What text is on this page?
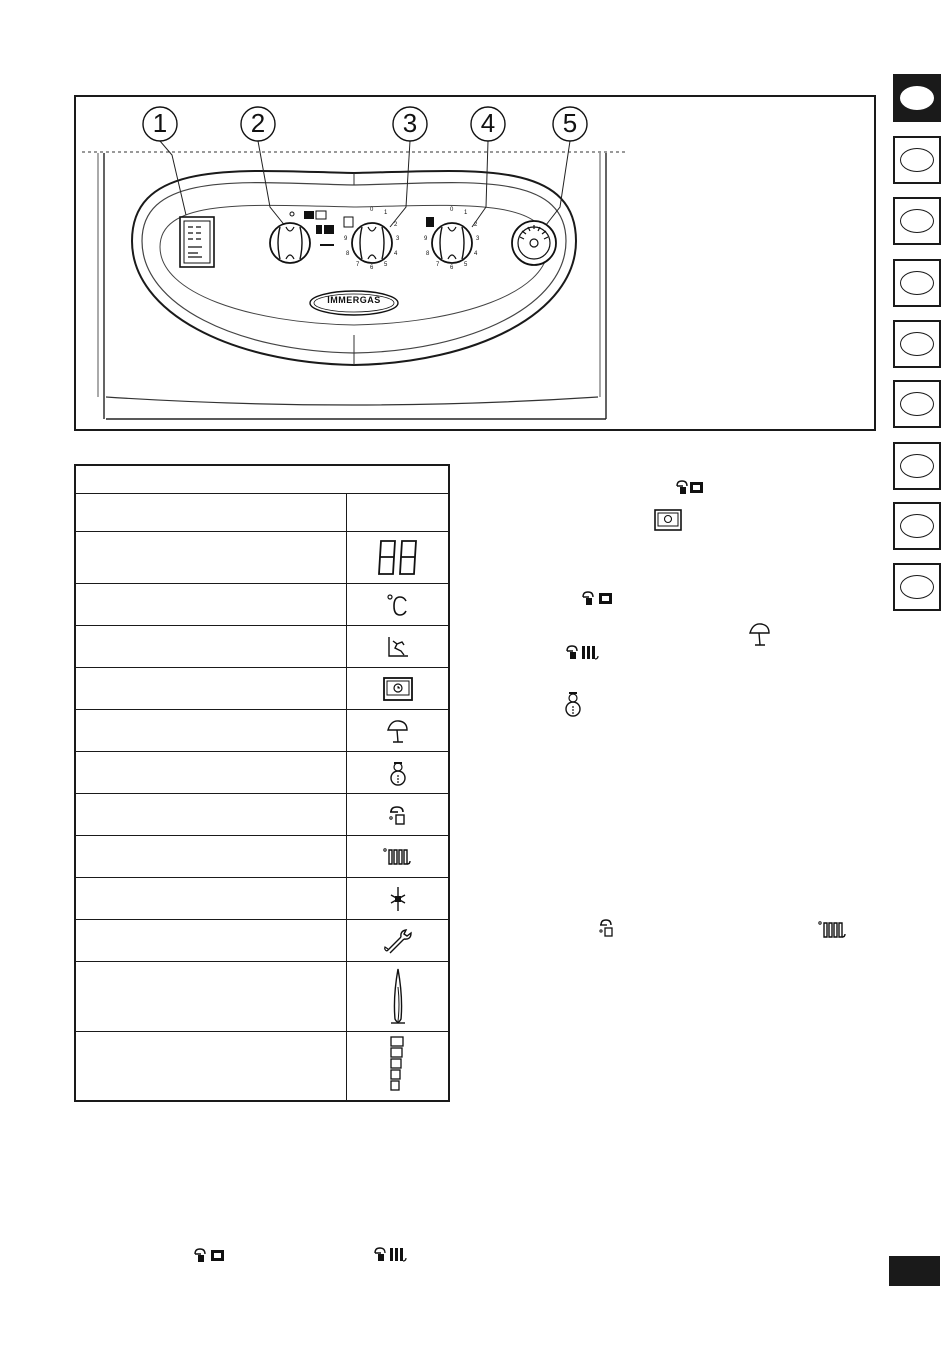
1	2	3 4	5
IMMERGAS
0 1
2
3
4
5
6
7
8
9
0 1
2
3
4
5
6
7
8
9
